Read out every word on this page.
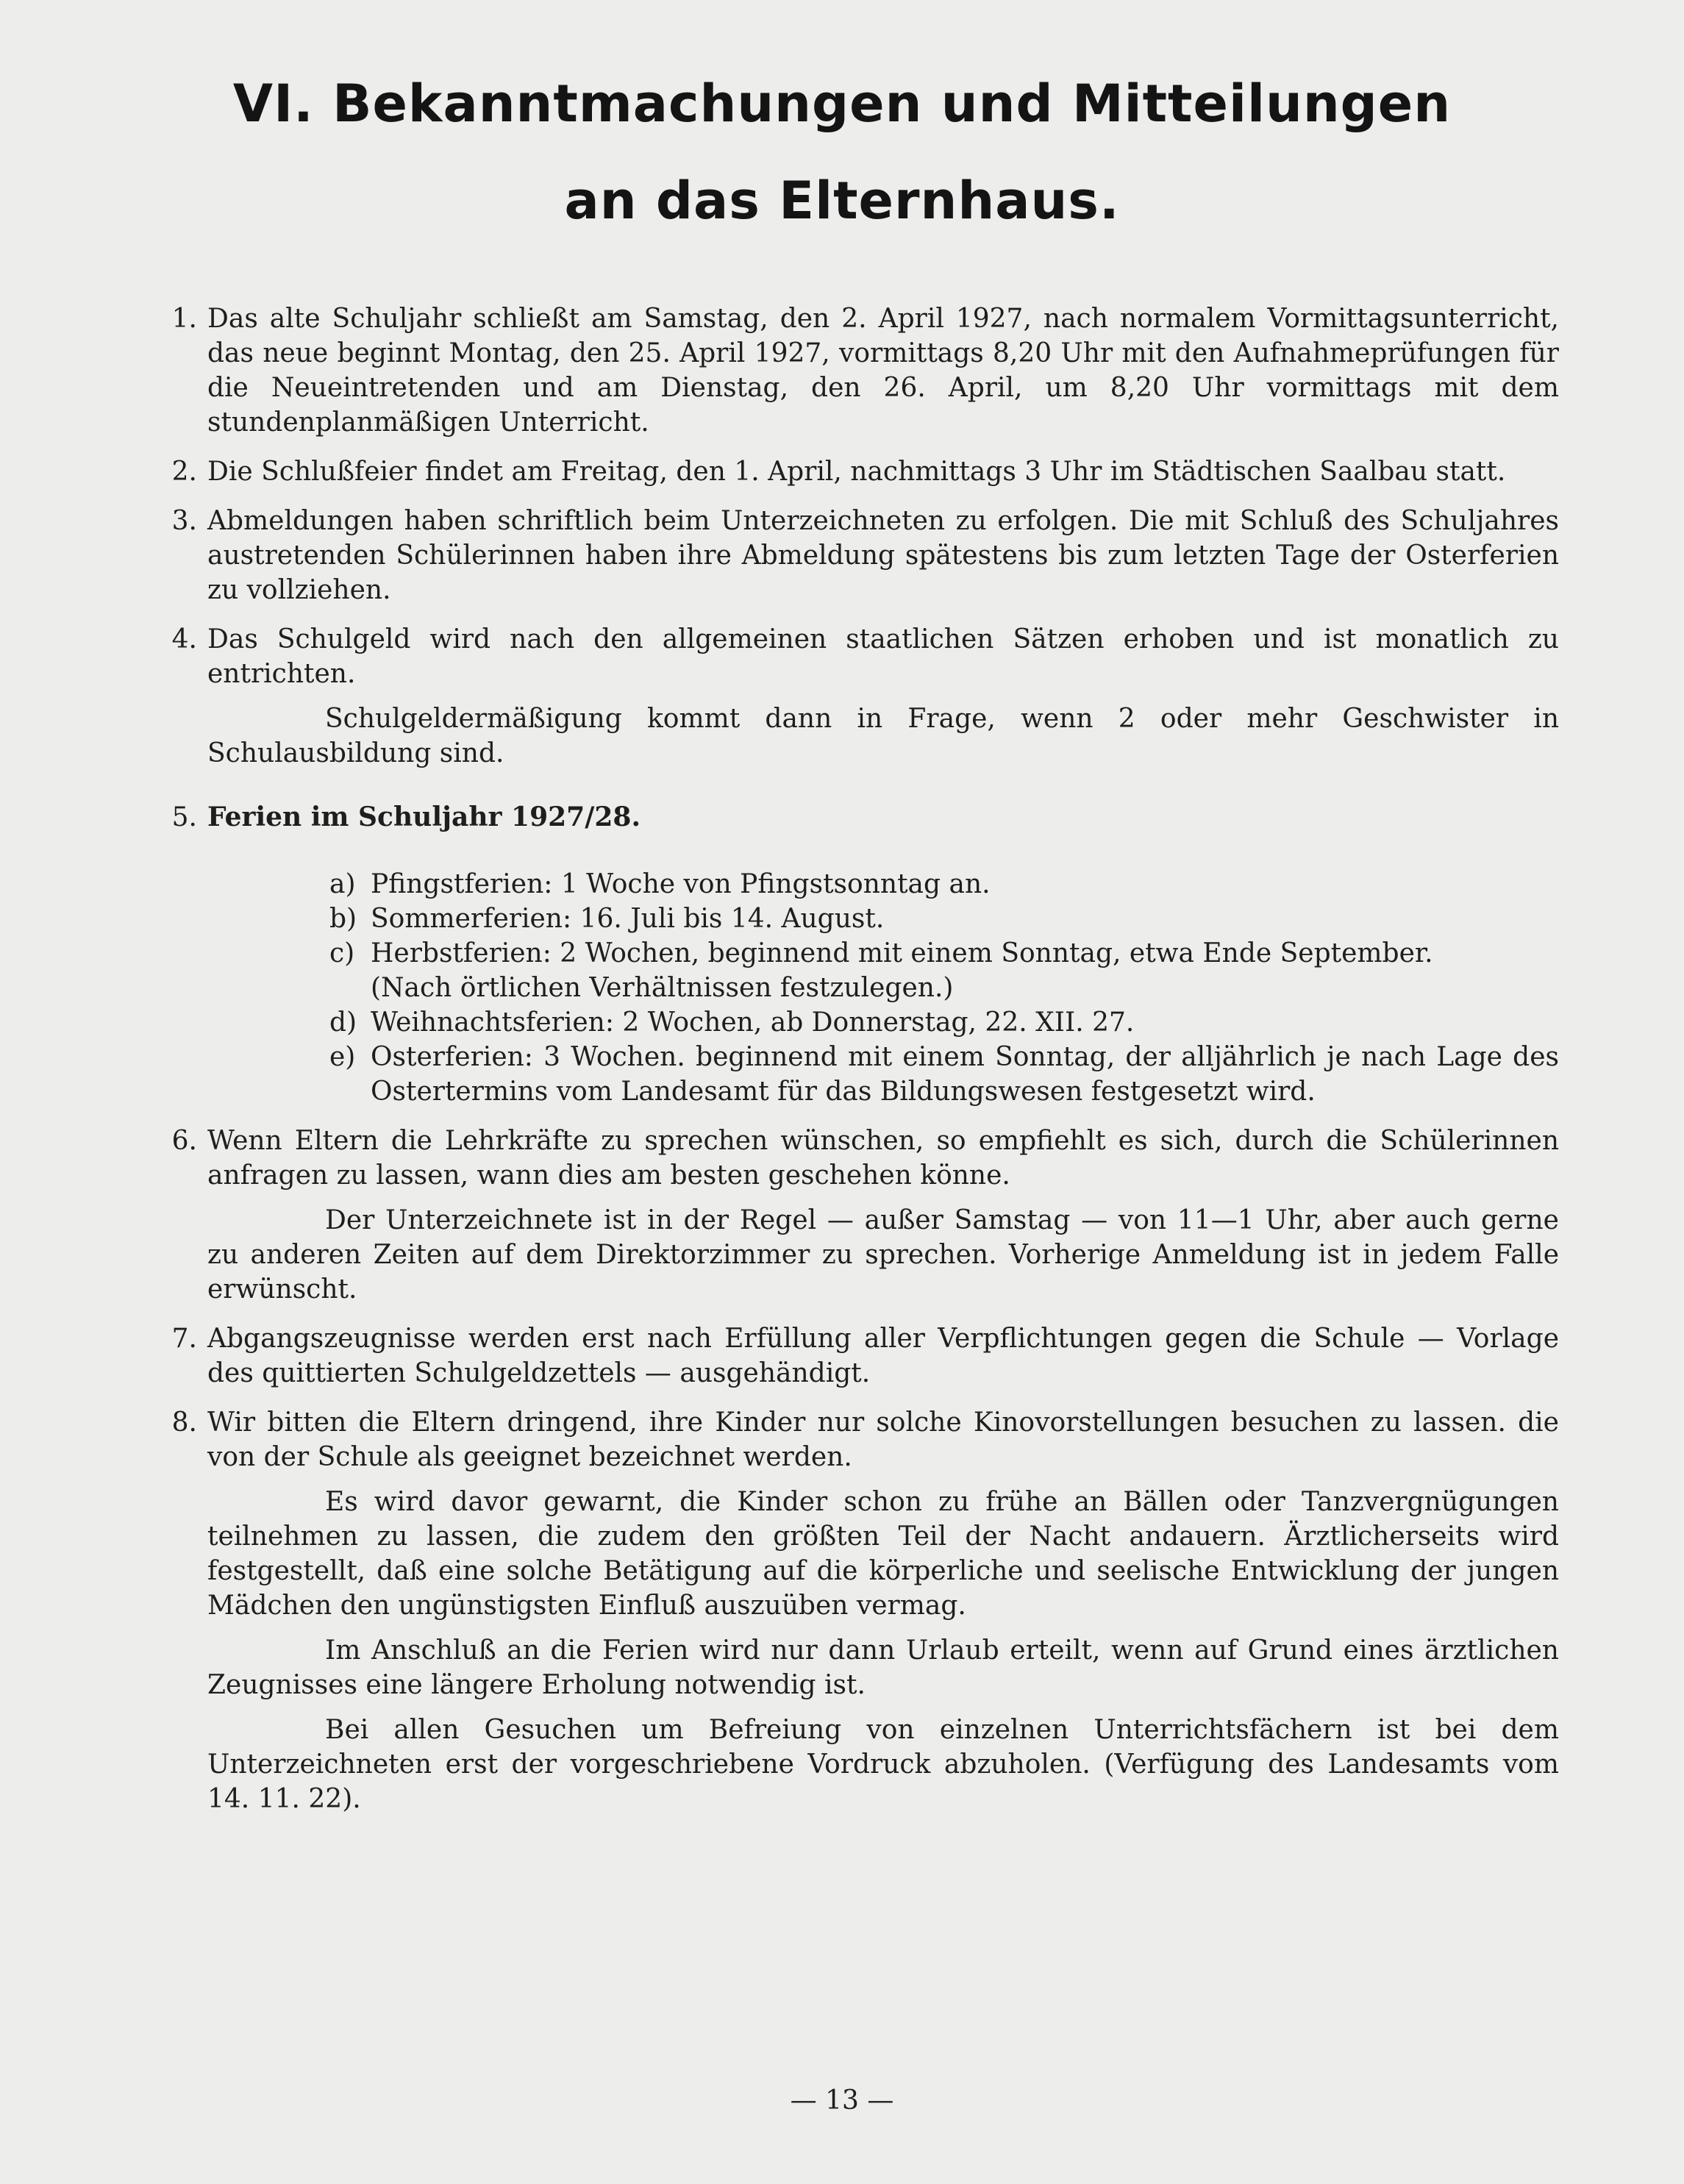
VI. Bekanntmachungen und Mitteilungen
an das Elternhaus.
1. Das alte Schuljahr schließt am Samstag, den 2. April 1927, nach normalem Vormittagsunterricht, das neue beginnt Montag, den 25. April 1927, vormittags 8,20 Uhr mit den Aufnahmeprüfungen für die Neueintretenden und am Dienstag, den 26. April, um 8,20 Uhr vormittags mit dem stundenplanmäßigen Unterricht.

2. Die Schlußfeier findet am Freitag, den 1. April, nachmittags 3 Uhr im Städtischen Saalbau statt.

3. Abmeldungen haben schriftlich beim Unterzeichneten zu erfolgen. Die mit Schluß des Schuljahres austretenden Schülerinnen haben ihre Abmeldung spätestens bis zum letzten Tage der Osterferien zu vollziehen.

4. Das Schulgeld wird nach den allgemeinen staatlichen Sätzen erhoben und ist monatlich zu entrichten.

Schulgeldermäßigung kommt dann in Frage, wenn 2 oder mehr Geschwister in Schulausbildung sind.

5. Ferien im Schuljahr 1927/28.

a) Pfingstferien: 1 Woche von Pfingstsonntag an.
b) Sommerferien: 16. Juli bis 14. August.
c) Herbstferien: 2 Wochen, beginnend mit einem Sonntag, etwa Ende September.
(Nach örtlichen Verhältnissen festzulegen.)
d) Weihnachtsferien: 2 Wochen, ab Donnerstag, 22. XII. 27.
e) Osterferien: 3 Wochen. beginnend mit einem Sonntag, der alljährlich je nach Lage des Ostertermins vom Landesamt für das Bildungswesen festgesetzt wird.
6. Wenn Eltern die Lehrkräfte zu sprechen wünschen, so empfiehlt es sich, durch die Schülerinnen anfragen zu lassen, wann dies am besten geschehen könne.

Der Unterzeichnete ist in der Regel — außer Samstag — von 11—1 Uhr, aber auch gerne zu anderen Zeiten auf dem Direktorzimmer zu sprechen. Vorherige Anmeldung ist in jedem Falle erwünscht.

7. Abgangszeugnisse werden erst nach Erfüllung aller Verpflichtungen gegen die Schule — Vorlage des quittierten Schulgeldzettels — ausgehändigt.

8. Wir bitten die Eltern dringend, ihre Kinder nur solche Kinovorstellungen besuchen zu lassen. die von der Schule als geeignet bezeichnet werden.

Es wird davor gewarnt, die Kinder schon zu frühe an Bällen oder Tanzvergnügungen teilnehmen zu lassen, die zudem den größten Teil der Nacht andauern. Ärztlicherseits wird festgestellt, daß eine solche Betätigung auf die körperliche und seelische Entwicklung der jungen Mädchen den ungünstigsten Einfluß auszuüben vermag.

Im Anschluß an die Ferien wird nur dann Urlaub erteilt, wenn auf Grund eines ärztlichen Zeugnisses eine längere Erholung notwendig ist.

Bei allen Gesuchen um Befreiung von einzelnen Unterrichtsfächern ist bei dem Unterzeichneten erst der vorgeschriebene Vordruck abzuholen. (Verfügung des Landesamts vom 14. 11. 22).

— 13 —
